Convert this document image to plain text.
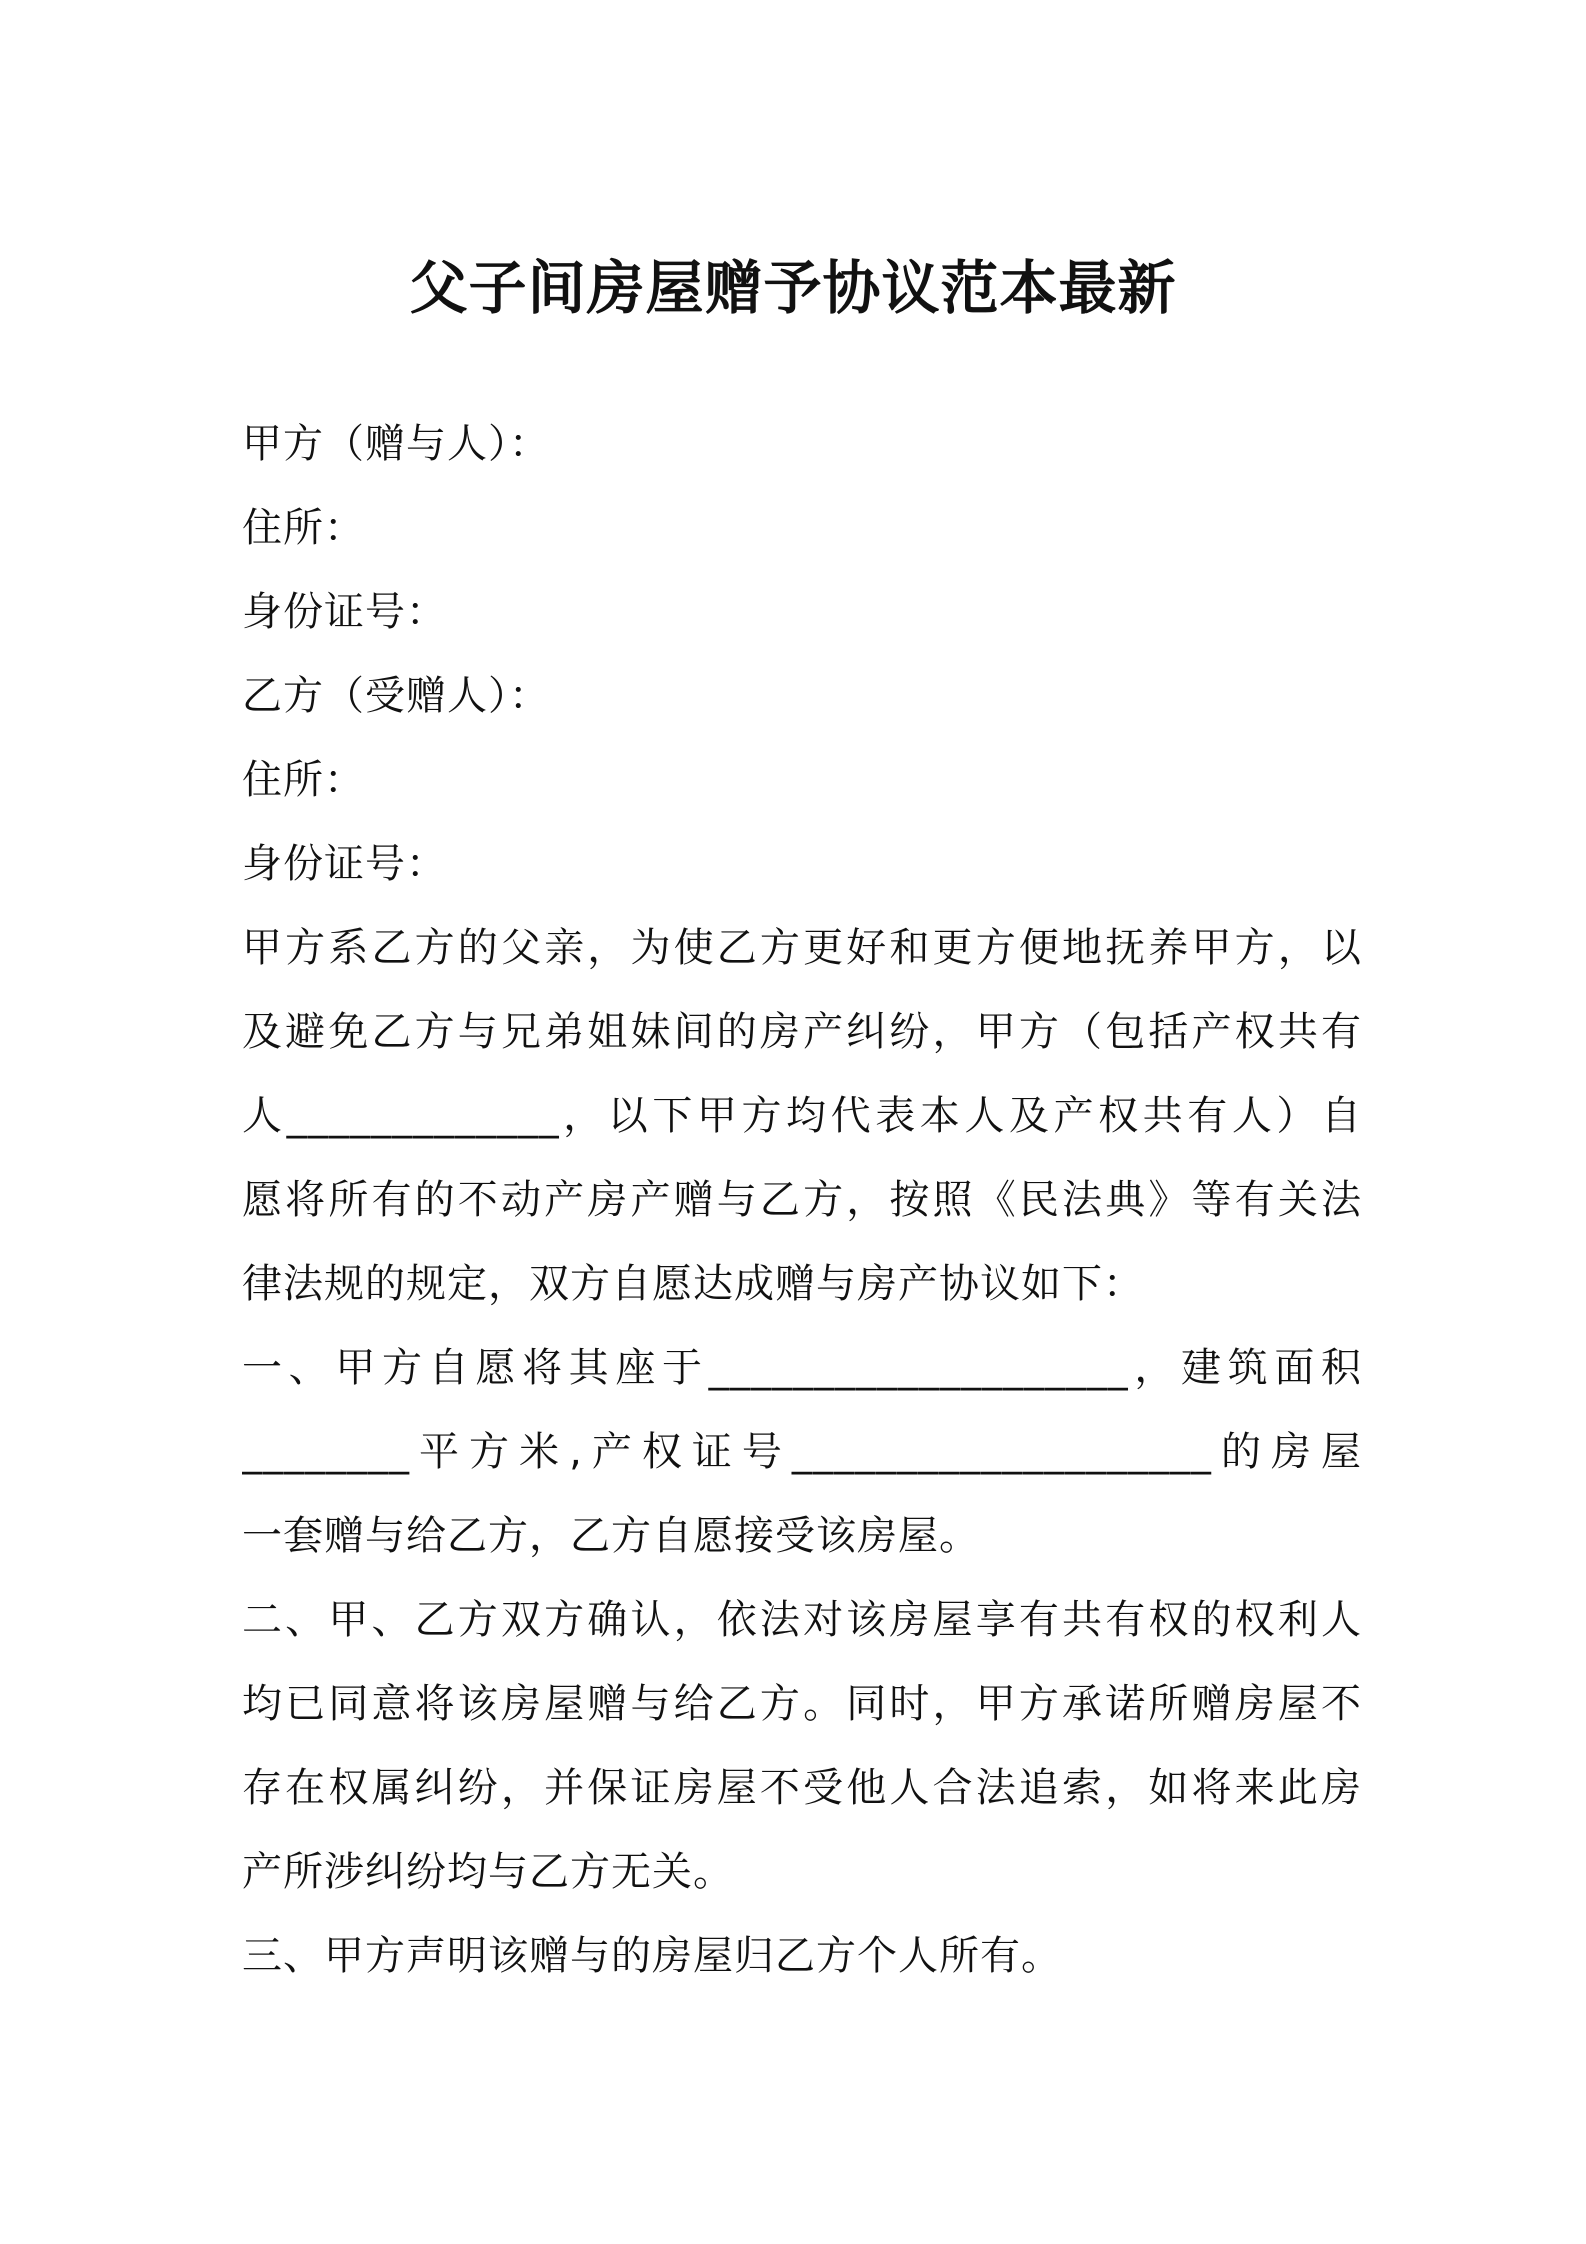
父子间房屋赠予协议范本最新
甲方（赠与人）：
住所：
身份证号：
乙方（受赠人）：
住所：
身份证号：
甲方系乙方的父亲，为使乙方更好和更方便地抚养甲方，以
及避免乙方与兄弟姐妹间的房产纠纷，甲方（包括产权共有
人_____________，以下甲方均代表本人及产权共有人）自
愿将所有的不动产房产赠与乙方，按照《民法典》等有关法
律法规的规定，双方自愿达成赠与房产协议如下：
一、甲方自愿将其座于____________________，建筑面积
________平方米,产权证号____________________的房屋
一套赠与给乙方，乙方自愿接受该房屋。
二、甲、乙方双方确认，依法对该房屋享有共有权的权利人
均已同意将该房屋赠与给乙方。同时，甲方承诺所赠房屋不
存在权属纠纷，并保证房屋不受他人合法追索，如将来此房
产所涉纠纷均与乙方无关。
三、甲方声明该赠与的房屋归乙方个人所有。
